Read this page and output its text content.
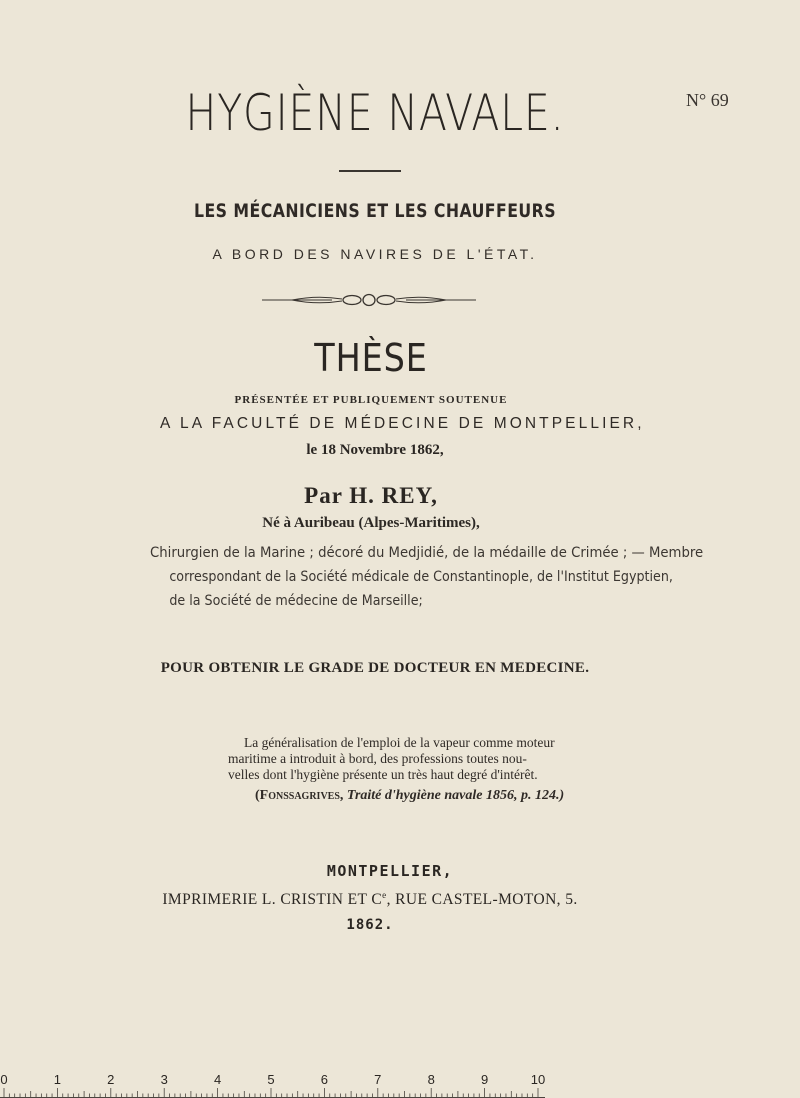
N° 69
HYGIÈNE NAVALE.
LES MÉCANICIENS ET LES CHAUFFEURS
A BORD DES NAVIRES DE L'ÉTAT.
THÈSE
PRÉSENTÉE ET PUBLIQUEMENT SOUTENUE
A LA FACULTÉ DE MÉDECINE DE MONTPELLIER,
le 18 Novembre 1862,
Par H. REY,
Né à Auribeau (Alpes-Maritimes),
Chirurgien de la Marine ; décoré du Medjidié, de la médaille de Crimée ; — Membre
correspondant de la Société médicale de Constantinople, de l'Institut Egyptien,
de la Société de médecine de Marseille;
POUR OBTENIR LE GRADE DE DOCTEUR EN MEDECINE.
La généralisation de l'emploi de la vapeur comme moteur
maritime a introduit à bord, des professions toutes nou-
velles dont l'hygiène présente un très haut degré d'intérêt.
(Fonssagrives, Traité d'hygiène navale 1856, p. 124.)
MONTPELLIER,
IMPRIMERIE L. CRISTIN ET Ce, RUE CASTEL-MOTON, 5.
1862.
0	1	2	3	4	5	6	7	8	9	10
